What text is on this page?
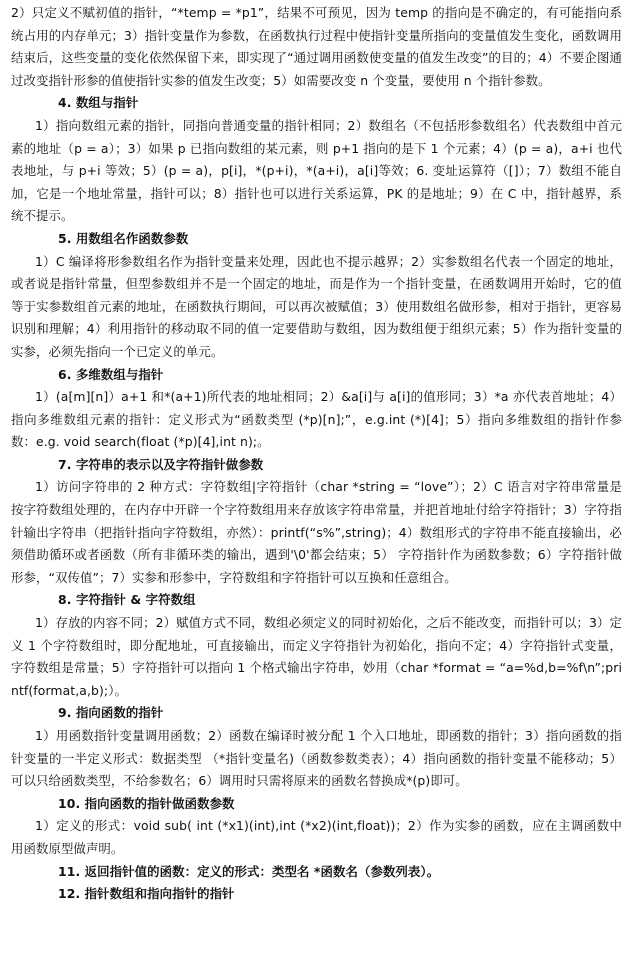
2）只定义不赋初值的指针，“*temp = *p1”，结果不可预见，因为 temp 的指向是不确定的，有可能指向系统占用的内存单元；3）指针变量作为参数，在函数执行过程中使指针变量所指向的变量值发生变化，函数调用结束后，这些变量的变化依然保留下来，即实现了“通过调用函数使变量的值发生改变”的目的；4）不要企图通过改变指针形参的值使指针实参的值发生改变；5）如需要改变 n 个变量，要使用 n 个指针参数。

4. 数组与指针

1）指向数组元素的指针，同指向普通变量的指针相同；2）数组名（不包括形参数组名）代表数组中首元素的地址（p = a）；3）如果 p 已指向数组的某元素，则 p+1 指向的是下 1 个元素；4）(p = a)，a+i 也代表地址，与 p+i 等效；5）(p = a)，p[i]，*(p+i)，*(a+i)，a[i]等效；6. 变址运算符（[]）；7）数组不能自加，它是一个地址常量，指针可以；8）指针也可以进行关系运算，PK 的是地址；9）在 C 中，指针越界，系统不提示。

5. 用数组名作函数参数

1）C 编译将形参数组名作为指针变量来处理，因此也不提示越界；2）实参数组名代表一个固定的地址，或者说是指针常量，但型参数组并不是一个固定的地址，而是作为一个指针变量，在函数调用开始时，它的值等于实参数组首元素的地址，在函数执行期间，可以再次被赋值；3）使用数组名做形参，相对于指针，更容易识别和理解；4）利用指针的移动取不同的值一定要借助与数组，因为数组便于组织元素；5）作为指针变量的实参，必须先指向一个已定义的单元。

6. 多维数组与指针

1）(a[m][n]）a+1 和*(a+1)所代表的地址相同；2）&a[i]与 a[i]的值形同；3）*a 亦代表首地址；4）指向多维数组元素的指针：定义形式为“函数类型 (*p)[n];”，e.g.int (*)[4]；5）指向多维数组的指针作参数：e.g. void search(float (*p)[4],int n);。

7. 字符串的表示以及字符指针做参数

1）访问字符串的 2 种方式：字符数组|字符指针（char *string = “love”）；2）C 语言对字符串常量是按字符数组处理的，在内存中开辟一个字符数组用来存放该字符串常量，并把首地址付给字符指针；3）字符指针输出字符串（把指针指向字符数组，亦然）：printf(“s%”,string)；4）数组形式的字符串不能直接输出，必须借助循环或者函数（所有非循环类的输出，遇到'\0'都会结束；5） 字符指针作为函数参数；6）字符指针做形参，“双传值”；7）实参和形参中，字符数组和字符指针可以互换和任意组合。

8. 字符指针 & 字符数组

1）存放的内容不同；2）赋值方式不同，数组必须定义的同时初始化，之后不能改变，而指针可以；3）定义 1 个字符数组时，即分配地址，可直接输出，而定义字符指针为初始化，指向不定；4）字符指针式变量，字符数组是常量；5）字符指针可以指向 1 个格式输出字符串，妙用（char *format = “a=%d,b=%f\n”;printf(format,a,b);）。

9. 指向函数的指针

1）用函数指针变量调用函数；2）函数在编译时被分配 1 个入口地址，即函数的指针；3）指向函数的指针变量的一半定义形式：数据类型 （*指针变量名)（函数参数类表）；4）指向函数的指针变量不能移动；5）可以只给函数类型，不给参数名；6）调用时只需将原来的函数名替换成*(p)即可。

10. 指向函数的指针做函数参数

1）定义的形式：void sub( int (*x1)(int),int (*x2)(int,float))；2）作为实参的函数，应在主调函数中用函数原型做声明。

11. 返回指针值的函数：定义的形式：类型名 *函数名（参数列表）。

12. 指针数组和指向指针的指针
